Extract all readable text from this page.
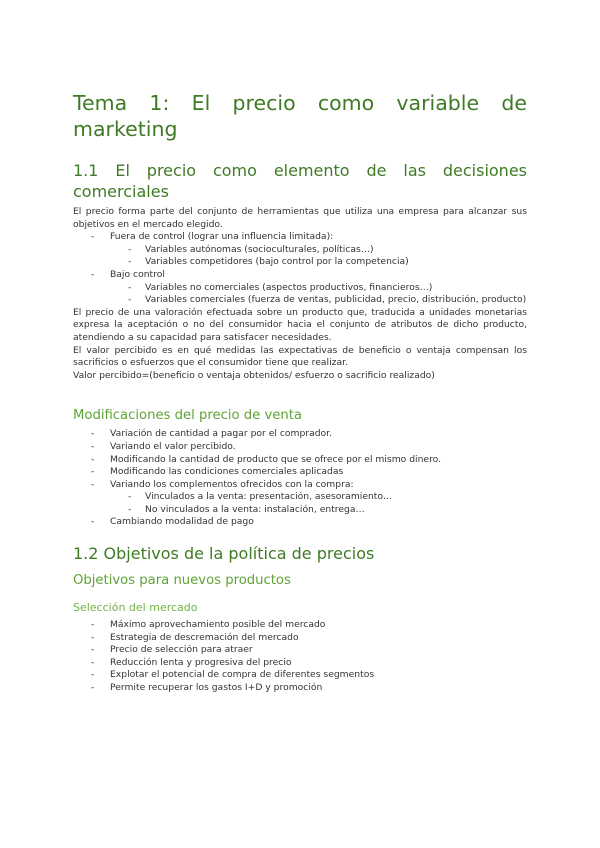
Tema 1: El precio como variable de marketing
1.1 El precio como elemento de las decisiones comerciales

El precio forma parte del conjunto de herramientas que utiliza una empresa para alcanzar sus objetivos en el mercado elegido.

- Fuera de control (lograr una influencia limitada):
- Variables autónomas (socioculturales, políticas…)
- Variables competidores (bajo control por la competencia)
- Bajo control
- Variables no comerciales (aspectos productivos, financieros…)
- Variables comerciales (fuerza de ventas, publicidad, precio, distribución, producto)

El precio de una valoración efectuada sobre un producto que, traducida a unidades monetarias expresa la aceptación o no del consumidor hacia el conjunto de atributos de dicho producto, atendiendo a su capacidad para satisfacer necesidades.

El valor percibido es en qué medidas las expectativas de beneficio o ventaja compensan los sacrificios o esfuerzos que el consumidor tiene que realizar.

Valor percibido=(beneficio o ventaja obtenidos/ esfuerzo o sacrificio realizado)

Modificaciones del precio de venta
- Variación de cantidad a pagar por el comprador.
- Variando el valor percibido.
- Modificando la cantidad de producto que se ofrece por el mismo dinero.
- Modificando las condiciones comerciales aplicadas
- Variando los complementos ofrecidos con la compra:
- Vinculados a la venta: presentación, asesoramiento…
- No vinculados a la venta: instalación, entrega…
- Cambiando modalidad de pago
1.2 Objetivos de la política de precios
Objetivos para nuevos productos
Selección del mercado
- Máximo aprovechamiento posible del mercado
- Estrategia de descremación del mercado
- Precio de selección para atraer
- Reducción lenta y progresiva del precio
- Explotar el potencial de compra de diferentes segmentos
- Permite recuperar los gastos I+D y promoción
